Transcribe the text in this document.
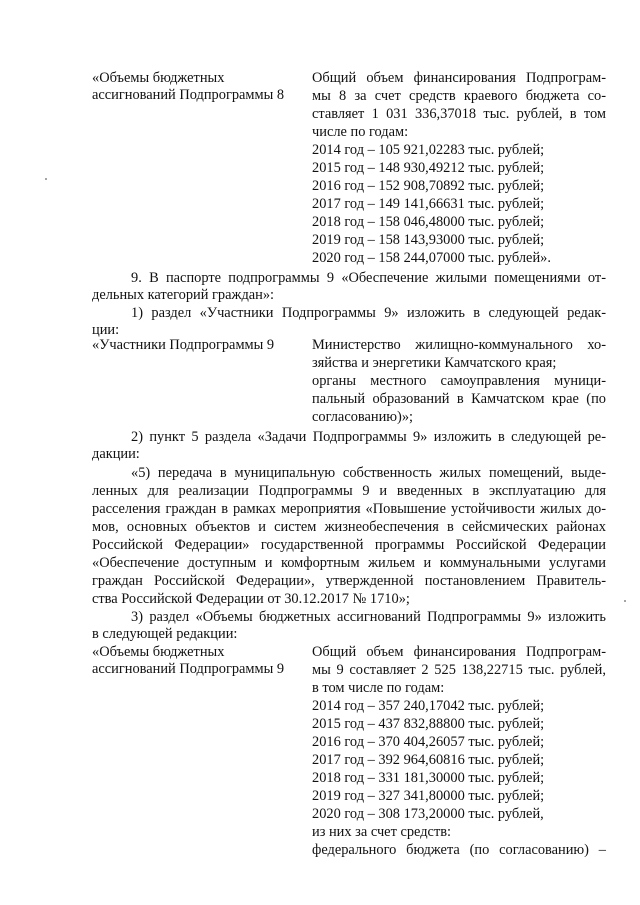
«Объемы бюджетных
ассигнований Подпрограммы 8
Общий объем финансирования Подпрограм-
мы 8 за счет средств краевого бюджета со-
ставляет 1 031 336,37018 тыс. рублей, в том
числе по годам:
2014 год – 105 921,02283 тыс. рублей;
2015 год – 148 930,49212 тыс. рублей;
2016 год – 152 908,70892 тыс. рублей;
2017 год – 149 141,66631 тыс. рублей;
2018 год – 158 046,48000 тыс. рублей;
2019 год – 158 143,93000 тыс. рублей;
2020 год – 158 244,07000 тыс. рублей».
9. В паспорте подпрограммы 9 «Обеспечение жилыми помещениями от-
дельных категорий граждан»:
1) раздел «Участники Подпрограммы 9» изложить в следующей редак-
ции:
«Участники Подпрограммы 9	Министерство жилищно-коммунального хо-
зяйства и энергетики Камчатского края;
органы местного самоуправления муници-
пальный образований в Камчатском крае (по
согласованию)»;
2) пункт 5 раздела «Задачи Подпрограммы 9» изложить в следующей ре-
дакции:
«5) передача в муниципальную собственность жилых помещений, выде-
ленных для реализации Подпрограммы 9 и введенных в эксплуатацию для
расселения граждан в рамках мероприятия «Повышение устойчивости жилых до-
мов, основных объектов и систем жизнеобеспечения в сейсмических районах
Российской Федерации» государственной программы Российской Федерации
«Обеспечение доступным и комфортным жильем и коммунальными услугами
граждан Российской Федерации», утвержденной постановлением Правитель-
ства Российской Федерации от 30.12.2017 № 1710»;
3) раздел «Объемы бюджетных ассигнований Подпрограммы 9» изложить
в следующей редакции:
«Объемы бюджетных
ассигнований Подпрограммы 9
Общий объем финансирования Подпрограм-
мы 9 составляет 2 525 138,22715 тыс. рублей,
в том числе по годам:
2014 год – 357 240,17042 тыс. рублей;
2015 год – 437 832,88800 тыс. рублей;
2016 год – 370 404,26057 тыс. рублей;
2017 год – 392 964,60816 тыс. рублей;
2018 год – 331 181,30000 тыс. рублей;
2019 год – 327 341,80000 тыс. рублей;
2020 год – 308 173,20000 тыс. рублей,
из них за счет средств:
федерального бюджета (по согласованию) –
